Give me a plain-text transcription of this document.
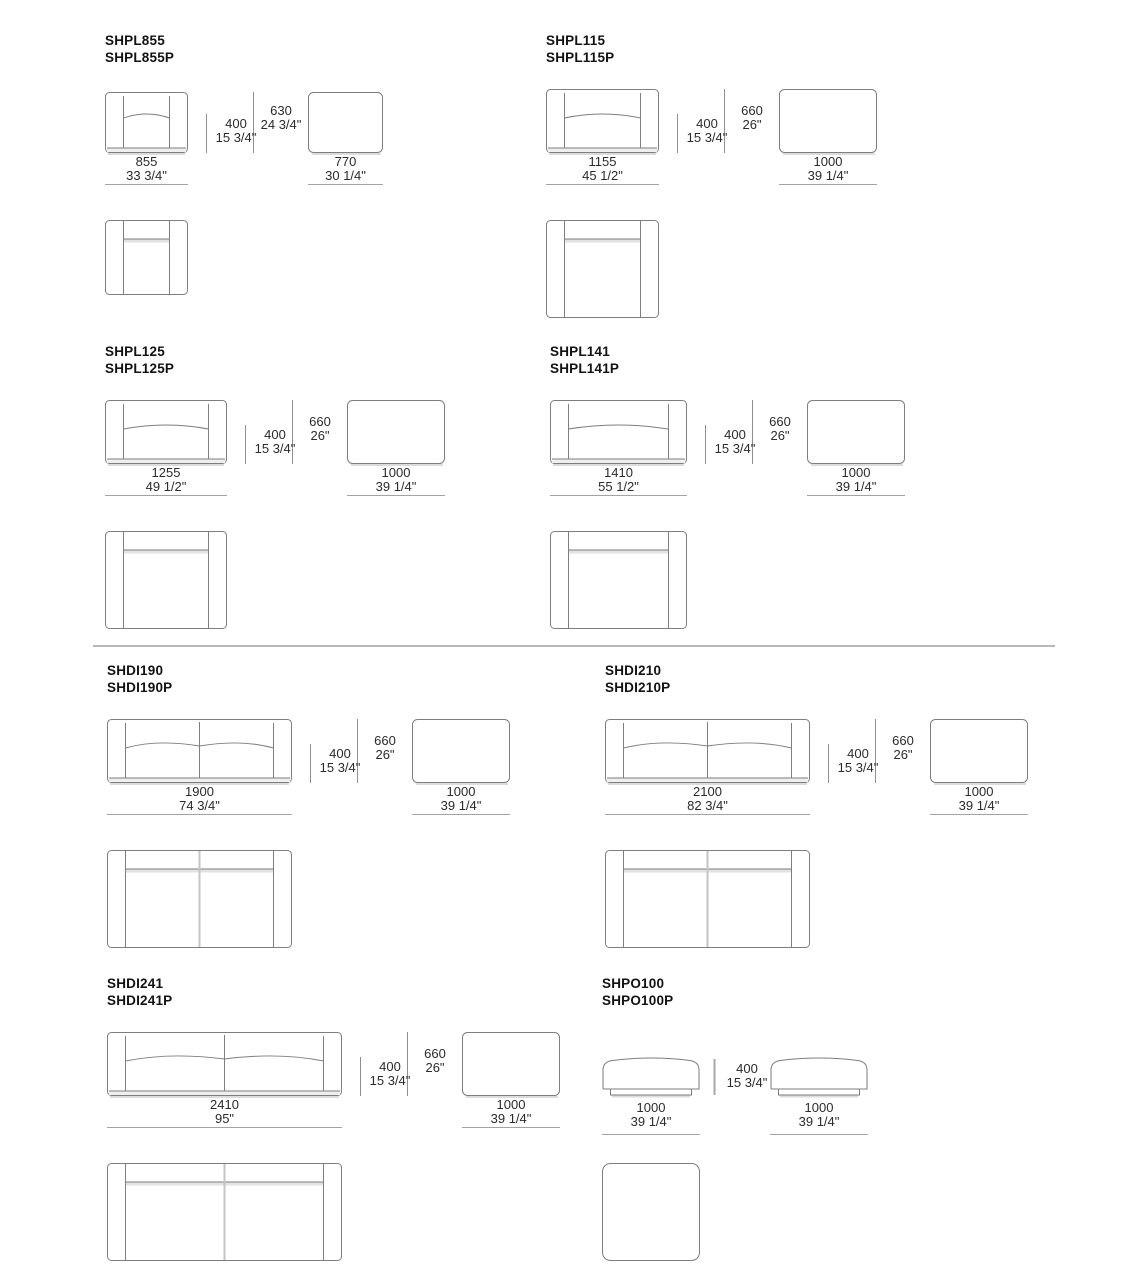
SHPL855
SHPL855P
855
33 3/4"
400
15 3/4"
630
24 3/4"
770
30 1/4"
SHPL115
SHPL115P
1155
45 1/2"
400
15 3/4"
660
26"
1000
39 1/4"
SHPL125
SHPL125P
1255
49 1/2"
400
15 3/4"
660
26"
1000
39 1/4"
SHPL141
SHPL141P
1410
55 1/2"
400
15 3/4"
660
26"
1000
39 1/4"
SHDI190
SHDI190P
1900
74 3/4"
400
15 3/4"
660
26"
1000
39 1/4"
SHDI210
SHDI210P
2100
82 3/4"
400
15 3/4"
660
26"
1000
39 1/4"
SHDI241
SHDI241P
2410
95"
400
15 3/4"
660
26"
1000
39 1/4"
SHPO100
SHPO100P
1000
39 1/4"
400
15 3/4"
1000
39 1/4"
